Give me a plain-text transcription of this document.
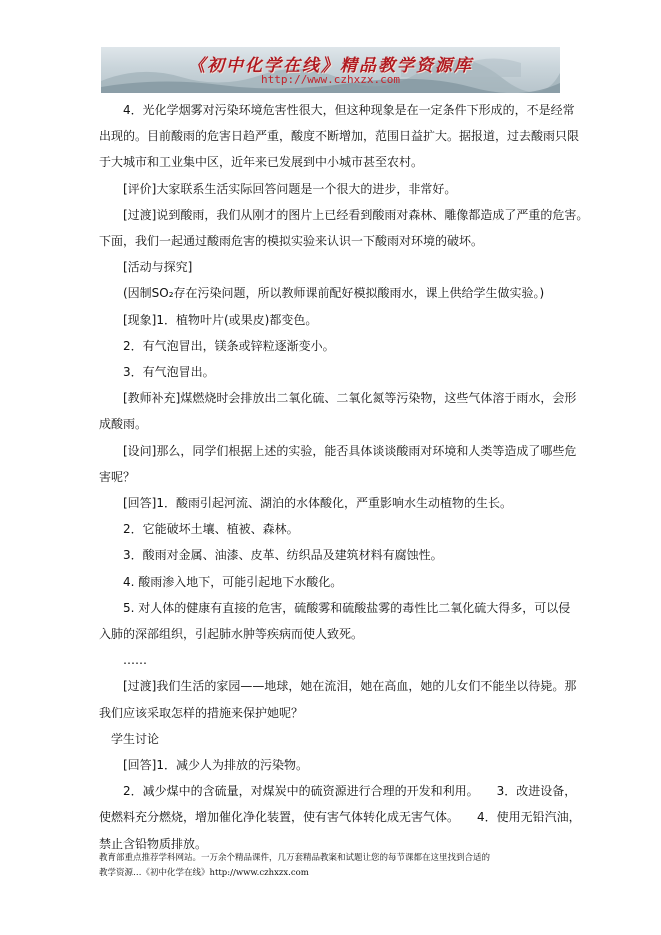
《初中化学在线》精品教学资源库
http://www.czhxzx.com

4．光化学烟雾对污染环境危害性很大，但这种现象是在一定条件下形成的，不是经常

出现的。目前酸雨的危害日趋严重，酸度不断增加，范围日益扩大。据报道，过去酸雨只限

于大城市和工业集中区，近年来已发展到中小城市甚至农村。

[评价]大家联系生活实际回答问题是一个很大的进步，非常好。

[过渡]说到酸雨，我们从刚才的图片上已经看到酸雨对森林、雕像都造成了严重的危害。

下面，我们一起通过酸雨危害的模拟实验来认识一下酸雨对环境的破坏。

[活动与探究]

(因制SO₂存在污染问题，所以教师课前配好模拟酸雨水，课上供给学生做实验。)

[现象]1．植物叶片(或果皮)都变色。

2．有气泡冒出，镁条或锌粒逐渐变小。

3．有气泡冒出。

[教师补充]煤燃烧时会排放出二氧化硫、二氧化氮等污染物，这些气体溶于雨水，会形

成酸雨。

[设问]那么，同学们根据上述的实验，能否具体谈谈酸雨对环境和人类等造成了哪些危

害呢？

[回答]1．酸雨引起河流、湖泊的水体酸化，严重影响水生动植物的生长。

2．它能破坏土壤、植被、森林。

3．酸雨对金属、油漆、皮革、纺织品及建筑材料有腐蚀性。

4. 酸雨渗入地下，可能引起地下水酸化。

5. 对人体的健康有直接的危害，硫酸雾和硫酸盐雾的毒性比二氧化硫大得多，可以侵

入肺的深部组织，引起肺水肿等疾病而使人致死。

……

[过渡]我们生活的家园——地球，她在流泪，她在高血，她的儿女们不能坐以待毙。那

我们应该采取怎样的措施来保护她呢？

学生讨论

[回答]1．减少人为排放的污染物。

2．减少煤中的含硫量，对煤炭中的硫资源进行合理的开发和利用。　　3．改进设备，

使燃料充分燃烧，增加催化净化装置，使有害气体转化成无害气体。　　4．使用无铅汽油，

禁止含铅物质排放。

教育部重点推荐学科网站。一万余个精品课件，几万套精品教案和试题让您的每节课都在这里找到合适的
教学资源…《初中化学在线》http://www.czhxzx.com
